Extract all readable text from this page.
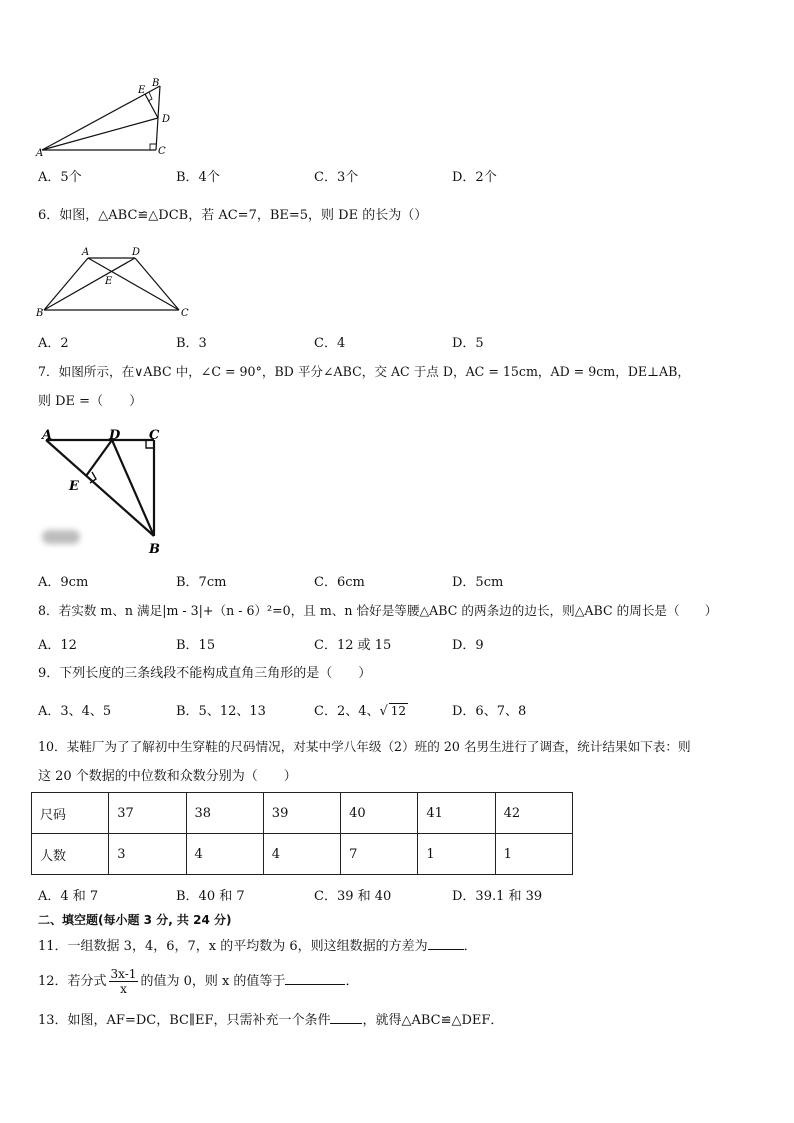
A
B
E
D
C
A．5个	B．4个	C．3个	D．2个
6．如图，△ABC≌△DCB，若 AC=7，BE=5，则 DE 的长为（）
A	D
E
B	C
A．2	B．3	C．4	D．5
7．如图所示，在∨ABC 中，∠C = 90°，BD 平分∠ABC，交 AC 于点 D，AC = 15cm，AD = 9cm，DE⊥AB，
则 DE =（　　）
A	D C
E
B
A．9cm	B．7cm	C．6cm	D．5cm
8．若实数 m、n 满足|m - 3|+（n - 6）²=0，且 m、n 恰好是等腰△ABC 的两条边的边长，则△ABC 的周长是（　　）
A．12	B．15	C．12 或 15	D．9
9．下列长度的三条线段不能构成直角三角形的是（　　）
A．3、4、5	B．5、12、13	C．2、4、√ 12	D．6、7、8
10．某鞋厂为了了解初中生穿鞋的尺码情况，对某中学八年级（2）班的 20 名男生进行了调查，统计结果如下表：则
这 20 个数据的中位数和众数分别为（　　）
尺码	37	38	39	40	41	42
人数	3	4	4	7	1	1
A．4 和 7	B．40 和 7	C．39 和 40	D．39.1 和 39
二、填空题(每小题 3 分, 共 24 分)
11．一组数据 3，4，6，7，x 的平均数为 6，则这组数据的方差为	．
12．若分式 $\frac{3x-1}{x}$ 的值为 0，则 x 的值等于	．
13．如图，AF=DC，BC∥EF，只需补充一个条件 ，就得△ABC≌△DEF．
